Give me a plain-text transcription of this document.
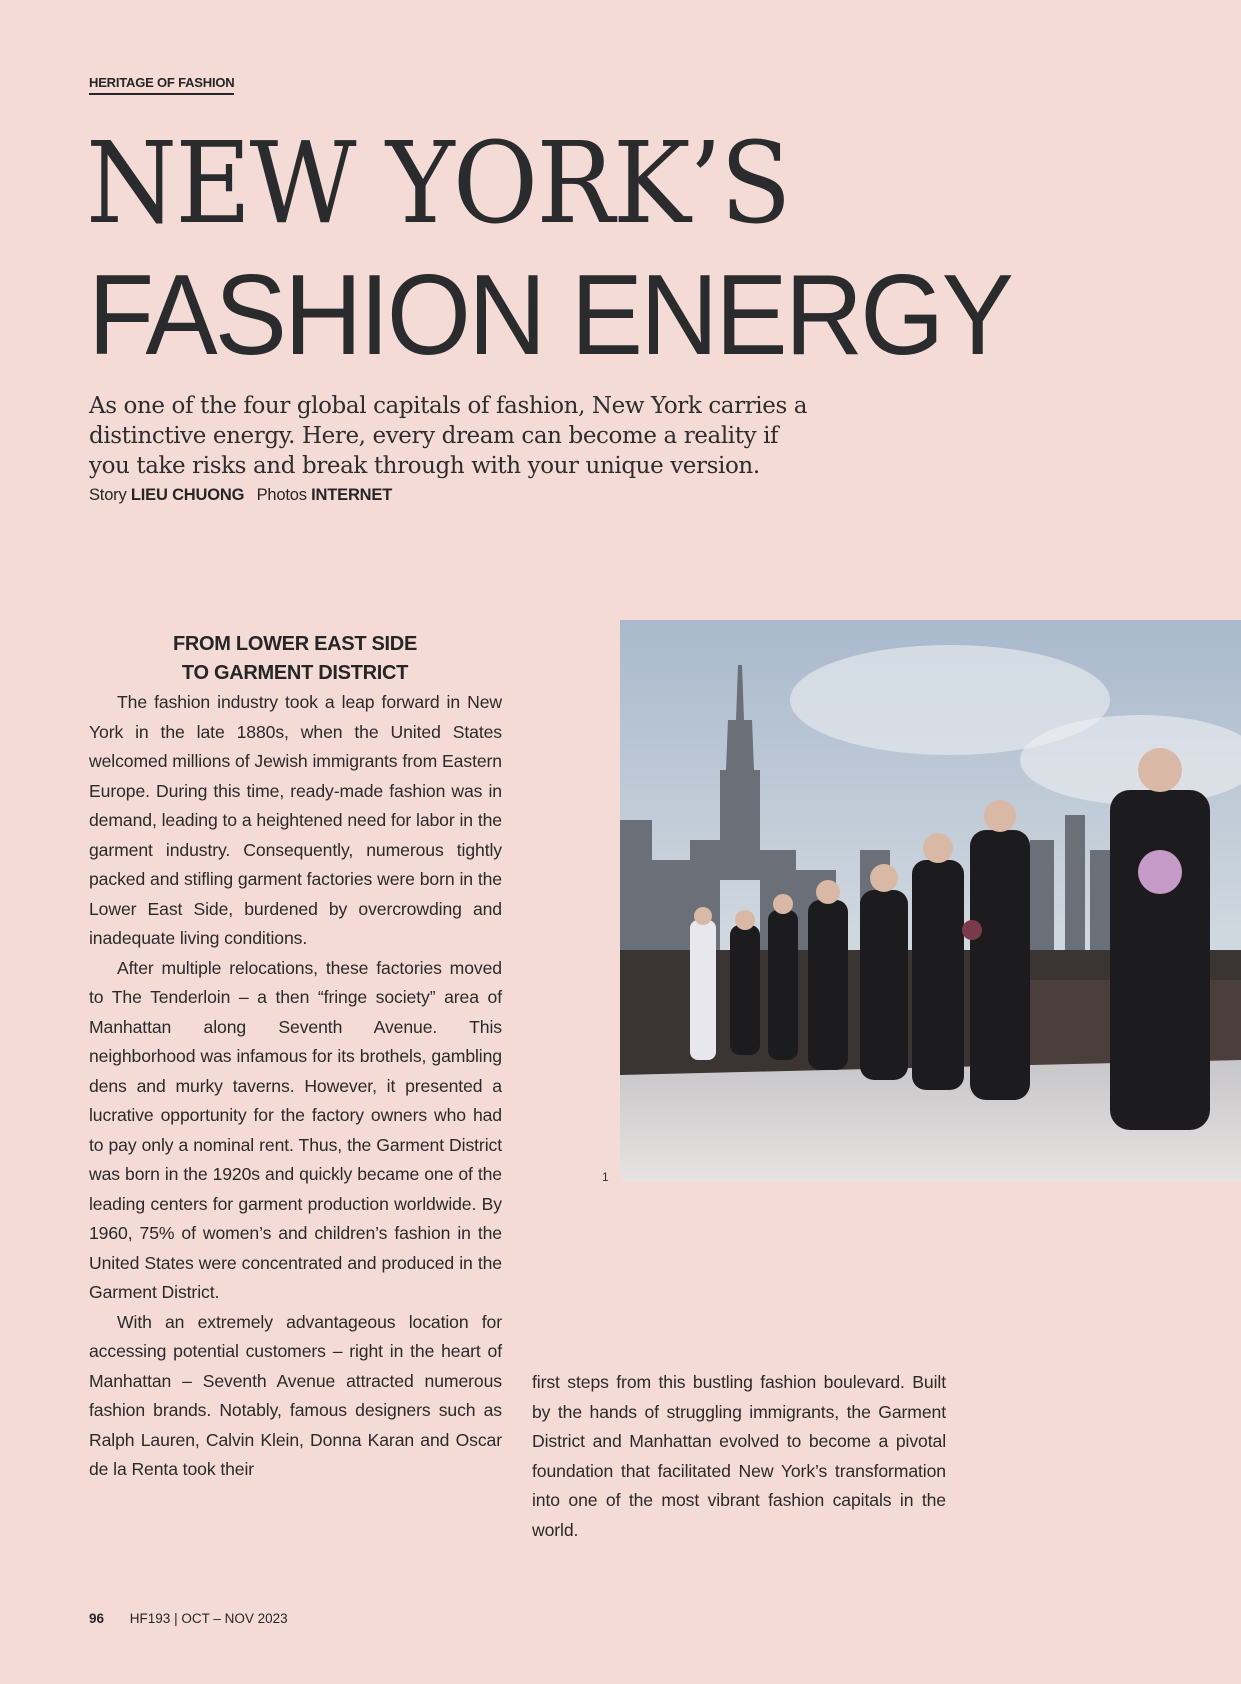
HERITAGE OF FASHION
NEW YORK’S
FASHION ENERGY
As one of the four global capitals of fashion, New York carries a distinctive energy. Here, every dream can become a reality if you take risks and break through with your unique version.
Story LIEU CHUONG Photos INTERNET
FROM LOWER EAST SIDE
TO GARMENT DISTRICT

The fashion industry took a leap forward in New York in the late 1880s, when the United States welcomed millions of Jewish immigrants from Eastern Europe. During this time, ready-made fashion was in demand, leading to a heightened need for labor in the garment industry. Consequently, numerous tightly packed and stifling garment factories were born in the Lower East Side, burdened by overcrowding and inadequate living conditions.

After multiple relocations, these factories moved to The Tenderloin – a then “fringe society” area of Manhattan along Seventh Avenue. This neighborhood was infamous for its brothels, gambling dens and murky taverns. However, it presented a lucrative opportunity for the factory owners who had to pay only a nominal rent. Thus, the Garment District was born in the 1920s and quickly became one of the leading centers for garment production worldwide. By 1960, 75% of women’s and children’s fashion in the United States were concentrated and produced in the Garment District.

With an extremely advantageous location for accessing potential customers – right in the heart of Manhattan – Seventh Avenue attracted numerous fashion brands. Notably, famous designers such as Ralph Lauren, Calvin Klein, Donna Karan and Oscar de la Renta took their

first steps from this bustling fashion boulevard. Built by the hands of struggling immigrants, the Garment District and Manhattan evolved to become a pivotal foundation that facilitated New York’s transformation into one of the most vibrant fashion capitals in the world.

1
96 HF193 | OCT – NOV 2023
